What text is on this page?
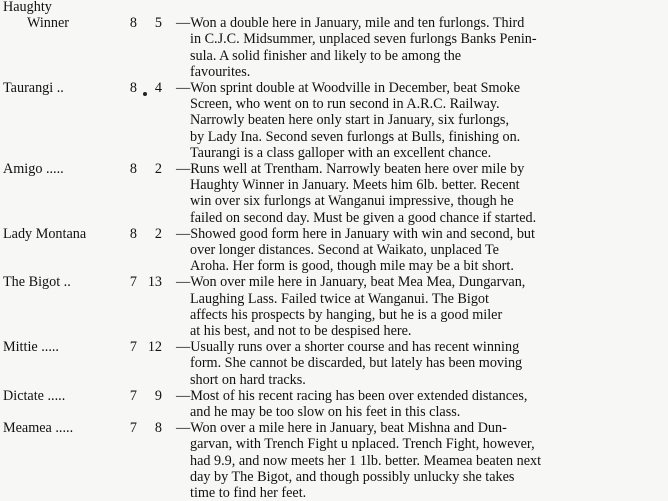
Haughty
Winner	8	5 —Won a double here in January, mile and ten furlongs. Third
in C.J.C. Midsummer, unplaced seven furlongs Banks Penin-
sula. A solid finisher and likely to be among the
favourites.
Taurangi ..	8	4 —Won sprint double at Woodville in December, beat Smoke
Screen, who went on to run second in A.R.C. Railway.
Narrowly beaten here only start in January, six furlongs,
by Lady Ina. Second seven furlongs at Bulls, finishing on.
Taurangi is a class galloper with an excellent chance.
Amigo .....	8	2 —Runs well at Trentham. Narrowly beaten here over mile by
Haughty Winner in January. Meets him 6lb. better. Recent
win over six furlongs at Wanganui impressive, though he
failed on second day. Must be given a good chance if started.
Lady Montana	8	2 —Showed good form here in January with win and second, but
over longer distances. Second at Waikato, unplaced Te
Aroha. Her form is good, though mile may be a bit short.
The Bigot ..	7 13 —Won over mile here in January, beat Mea Mea, Dungarvan,
Laughing Lass. Failed twice at Wanganui. The Bigot
affects his prospects by hanging, but he is a good miler
at his best, and not to be despised here.
Mittie .....	7 12 —Usually runs over a shorter course and has recent winning
form. She cannot be discarded, but lately has been moving
short on hard tracks.
Dictate .....	7	9 —Most of his recent racing has been over extended distances,
and he may be too slow on his feet in this class.
Meamea .....	7	8 —Won over a mile here in January, beat Mishna and Dun-
garvan, with Trench Fight u nplaced. Trench Fight, however,
had 9.9, and now meets her 1 1lb. better. Meamea beaten next
day by The Bigot, and though possibly unlucky she takes
time to find her feet.
